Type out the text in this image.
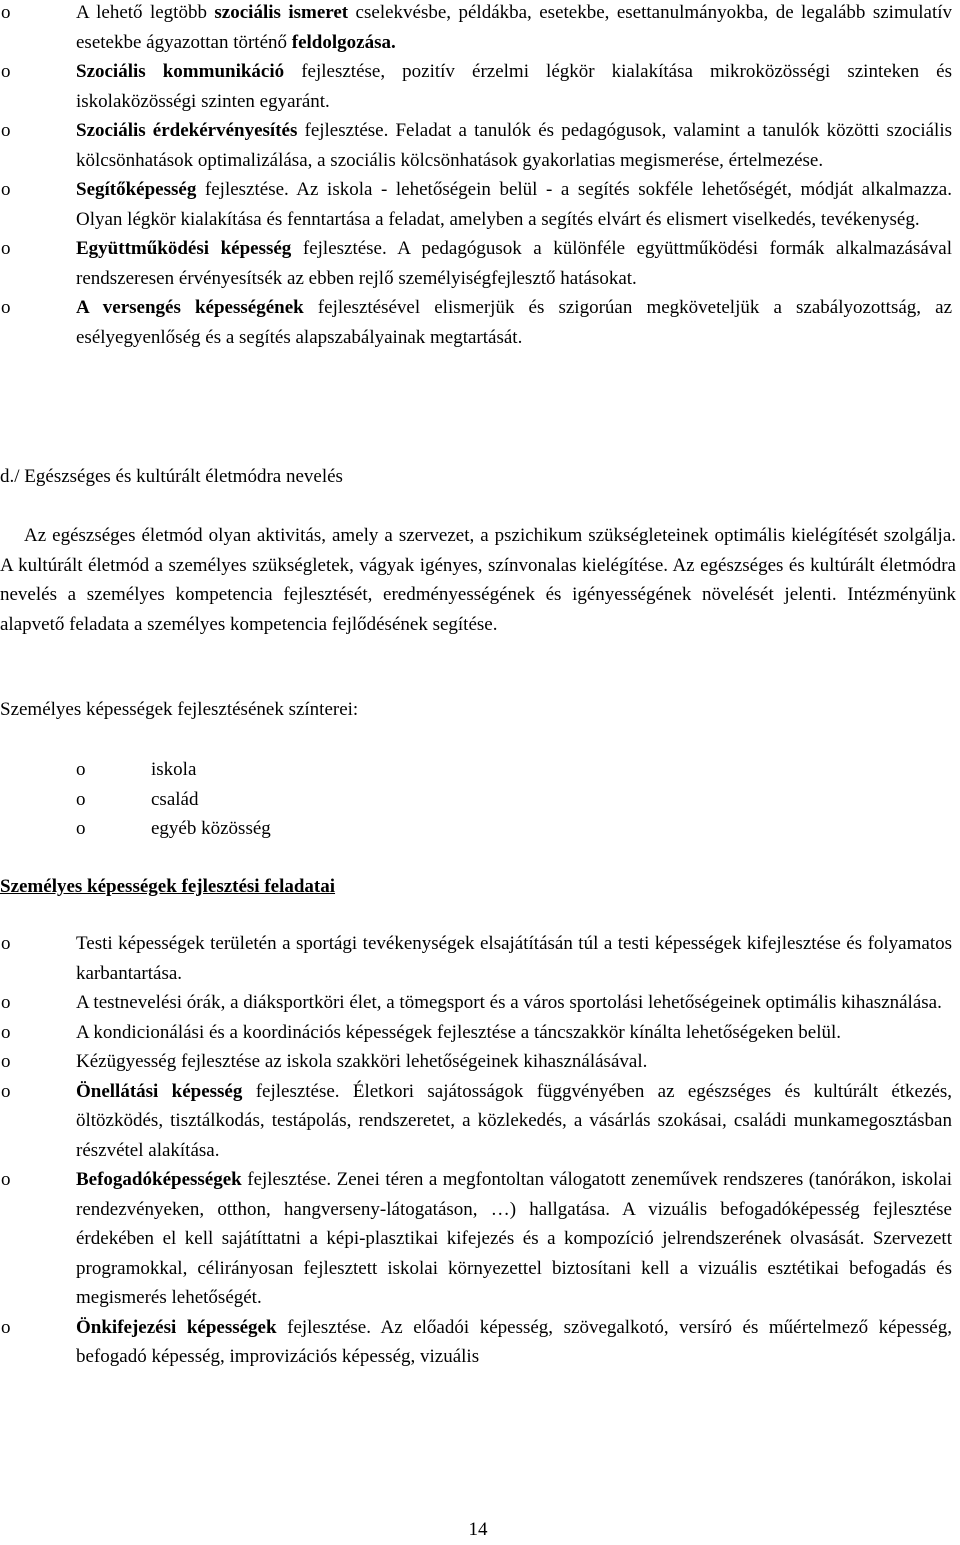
o	A lehető legtöbb szociális ismeret cselekvésbe, példákba, esetekbe, esettanulmányokba, de legalább szimulatív esetekbe ágyazottan történő feldolgozása.
o	Szociális kommunikáció fejlesztése, pozitív érzelmi légkör kialakítása mikroközösségi szinteken és iskolaközösségi szinten egyaránt.
o	Szociális érdekérvényesítés fejlesztése. Feladat a tanulók és pedagógusok, valamint a tanulók közötti szociális kölcsönhatások optimalizálása, a szociális kölcsönhatások gyakorlatias megismerése, értelmezése.
o	Segítőképesség fejlesztése. Az iskola - lehetőségein belül - a segítés sokféle lehetőségét, módját alkalmazza. Olyan légkör kialakítása és fenntartása a feladat, amelyben a segítés elvárt és elismert viselkedés, tevékenység.
o	Együttműködési képesség fejlesztése. A pedagógusok a különféle együttműködési formák alkalmazásával rendszeresen érvényesítsék az ebben rejlő személyiségfejlesztő hatásokat.
o	A versengés képességének fejlesztésével elismerjük és szigorúan megköveteljük a szabályozottság, az esélyegyenlőség és a segítés alapszabályainak megtartását.

d./ Egészséges és kultúrált életmódra nevelés

Az egészséges életmód olyan aktivitás, amely a szervezet, a pszichikum szükségleteinek optimális kielégítését szolgálja. A kultúrált életmód a személyes szükségletek, vágyak igényes, színvonalas kielégítése. Az egészséges és kultúrált életmódra nevelés a személyes kompetencia fejlesztését, eredményességének és igényességének növelését jelenti. Intézményünk alapvető feladata a személyes kompetencia fejlődésének segítése.

Személyes képességek fejlesztésének színterei:

o	iskola
o	család
o	egyéb közösség

Személyes képességek fejlesztési feladatai

o	Testi képességek területén a sportági tevékenységek elsajátításán túl a testi képességek kifejlesztése és folyamatos karbantartása.
o	A testnevelési órák, a diáksportköri élet, a tömegsport és a város sportolási lehetőségeinek optimális kihasználása.
o	A kondicionálási és a koordinációs képességek fejlesztése a táncszakkör kínálta lehetőségeken belül.
o	Kézügyesség fejlesztése az iskola szakköri lehetőségeinek kihasználásával.
o	Önellátási képesség fejlesztése. Életkori sajátosságok függvényében az egészséges és kultúrált étkezés, öltözködés, tisztálkodás, testápolás, rendszeretet, a közlekedés, a vásárlás szokásai, családi munkamegosztásban részvétel alakítása.
o	Befogadóképességek fejlesztése. Zenei téren a megfontoltan válogatott zeneművek rendszeres (tanórákon, iskolai rendezvényeken, otthon, hangverseny-látogatáson, …) hallgatása. A vizuális befogadóképesség fejlesztése érdekében el kell sajátíttatni a képi-plasztikai kifejezés és a kompozíció jelrendszerének olvasását. Szervezett programokkal, célirányosan fejlesztett iskolai környezettel biztosítani kell a vizuális esztétikai befogadás és megismerés lehetőségét.
o	Önkifejezési képességek fejlesztése. Az előadói képesség, szövegalkotó, versíró és műértelmező képesség, befogadó képesség, improvizációs képesség, vizuális
14
